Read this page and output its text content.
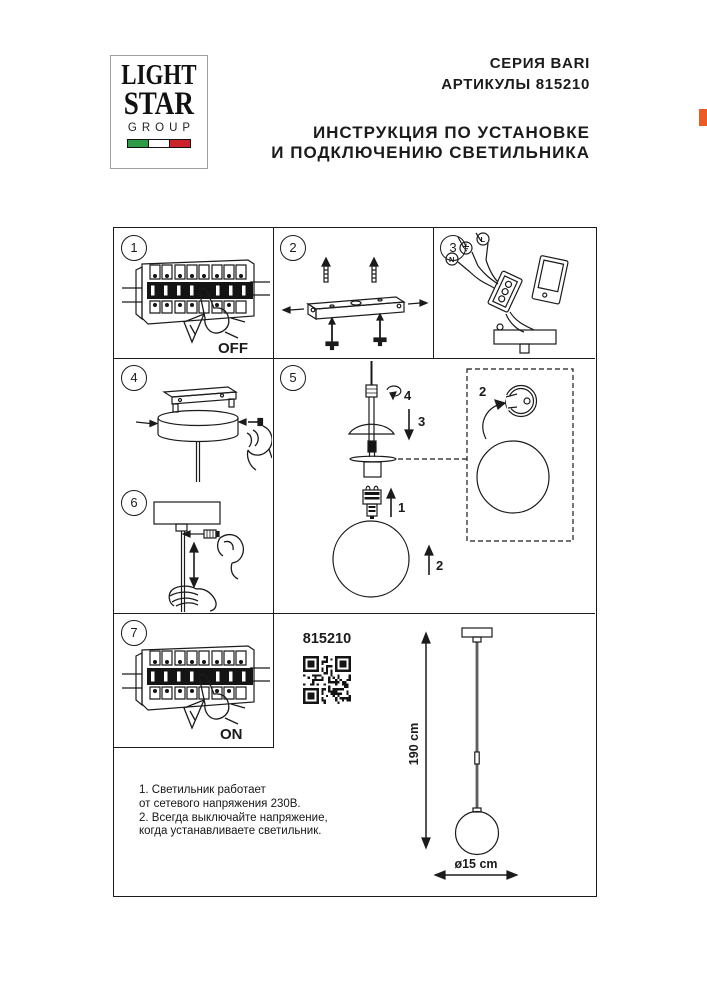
LIGHT
STAR
GROUP
СЕРИЯ BARI
АРТИКУЛЫ 815210
ИНСТРУКЦИЯ ПО УСТАНОВКЕ
И ПОДКЛЮЧЕНИЮ СВЕТИЛЬНИКА
1	2	3
4	5
6
7
OFF
N
L
4
3
1
2
2
ON
815210
1. Светильник работает
от сетевого напряжения 230В.
2. Всегда выключайте напряжение,
когда устанавливаете светильник.
190 cm
ø15 cm
